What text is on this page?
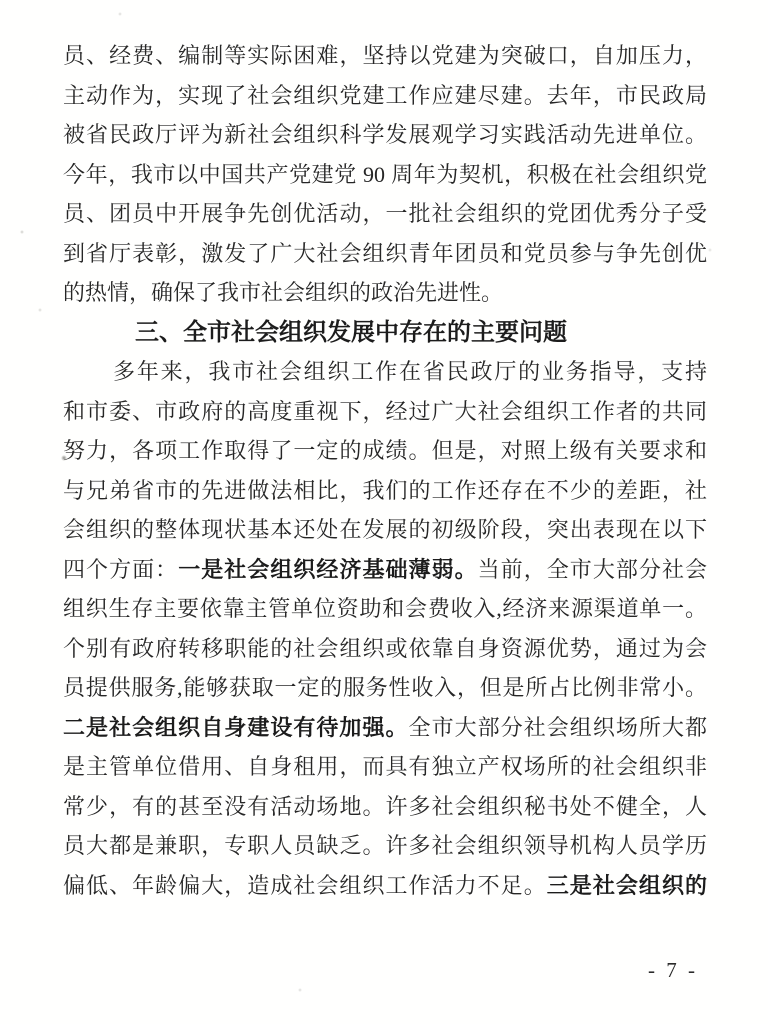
员、经费、编制等实际困难，坚持以党建为突破口，自加压力，
主动作为，实现了社会组织党建工作应建尽建。去年，市民政局
被省民政厅评为新社会组织科学发展观学习实践活动先进单位。
今年，我市以中国共产党建党 90 周年为契机，积极在社会组织党
员、团员中开展争先创优活动，一批社会组织的党团优秀分子受
到省厅表彰，激发了广大社会组织青年团员和党员参与争先创优
的热情，确保了我市社会组织的政治先进性。
三、全市社会组织发展中存在的主要问题
多年来，我市社会组织工作在省民政厅的业务指导，支持
和市委、市政府的高度重视下，经过广大社会组织工作者的共同
努力，各项工作取得了一定的成绩。但是，对照上级有关要求和
与兄弟省市的先进做法相比，我们的工作还存在不少的差距，社
会组织的整体现状基本还处在发展的初级阶段，突出表现在以下
四个方面：一是社会组织经济基础薄弱。当前，全市大部分社会
组织生存主要依靠主管单位资助和会费收入,经济来源渠道单一。
个别有政府转移职能的社会组织或依靠自身资源优势，通过为会
员提供服务,能够获取一定的服务性收入，但是所占比例非常小。
二是社会组织自身建设有待加强。全市大部分社会组织场所大都
是主管单位借用、自身租用，而具有独立产权场所的社会组织非
常少，有的甚至没有活动场地。许多社会组织秘书处不健全，人
员大都是兼职，专职人员缺乏。许多社会组织领导机构人员学历
偏低、年龄偏大，造成社会组织工作活力不足。三是社会组织的
- 7 -
